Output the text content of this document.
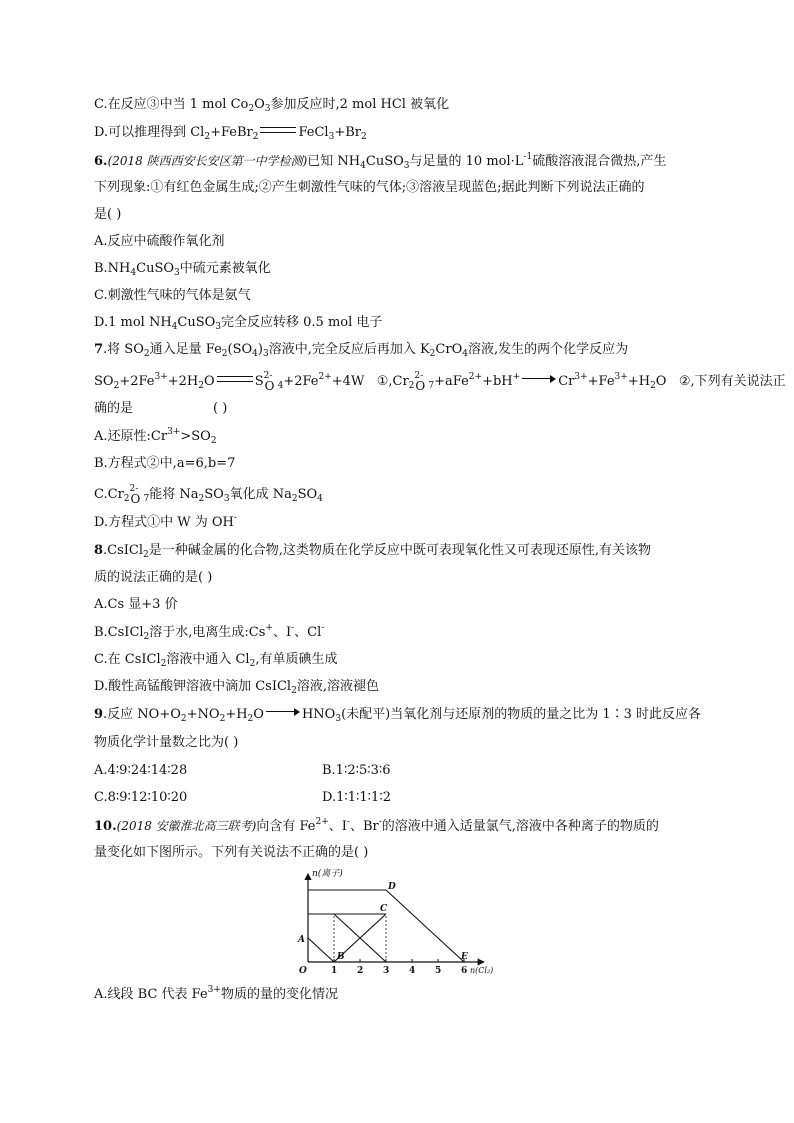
C.在反应③中当 1 mol $Co_2O_3$参加反应时,2 mol HCl 被氧化
D.可以推理得到 $Cl_2+FeBr_2$	$FeCl_3+Br_2$
6.(2018 陕西西安长安区第一中学检测)已知 $NH_4CuSO_3$与足量的 10 $mol\cdot L^{-1}$硫酸溶液混合微热,产生
下列现象:①有红色金属生成;②产生刺激性气味的气体;③溶液呈现蓝色;据此判断下列说法正确的
是( )
A.反应中硫酸作氧化剂
$B.NH_4CuSO_3$中硫元素被氧化
C.刺激性气味的气体是氨气
D.1 mol $NH_4CuSO_3$完全反应转移 0.5 mol 电子
7.将 $SO_2$通入足量 $Fe_2(SO_4)_3$溶液中,完全反应后再加入 $K_2CrO_4$溶液,发生的两个化学反应为
$SO_2+2Fe^{3+}+2H_2O$	S 2-
O $_4+2Fe^{2+}+4W$ $①,Cr_2$
2-
O $_7$+aFe$^{2+}$+bH+	$Cr^{3+}+Fe^{3+}+H_2O$ ②,下列有关说法正
确的是	( )
A.还原性$:Cr^{3+}>SO_2$
B.方程式②中,a=6,b=7
$C.Cr_2$
2-
O $_7$能将 $Na_2SO_3$氧化成 $Na_2SO_4$
D.方程式①中 W 为 OH-
8.CsICl$_2$是一种碱金属的化合物,这类物质在化学反应中既可表现氧化性又可表现还原性,有关该物
质的说法正确的是( )
A.Cs 显+3 价
B.CsICl$_2$溶于水,电离生成:Cs+、I-、Cl-
C.在 CsICl$_2$溶液中通入 $Cl_2$,有单质碘生成
D.酸性高锰酸钾溶液中滴加 CsICl$_2$溶液,溶液褪色
9.反应 $NO+O_2+NO_2+H_2O$	$HNO_3$(未配平)当氧化剂与还原剂的物质的量之比为 1∶3 时此反应各
物质化学计量数之比为( )
A.4∶9∶24∶14∶28	B.1∶2∶5∶3∶6
C.8∶9∶12∶10∶20	D.1∶1∶1∶1∶2
10.(2018 安徽淮北高三联考)向含有 $Fe^{2+}$、I-、Br-的溶液中通入适量氯气,溶液中各种离子的物质的
量变化如下图所示。下列有关说法不正确的是( )
n(离子)
n(Cl₂)
1 2 3 4 5 6
O
A
B
C
D
E
A.线段 BC 代表 $Fe^{3+}$物质的量的变化情况
